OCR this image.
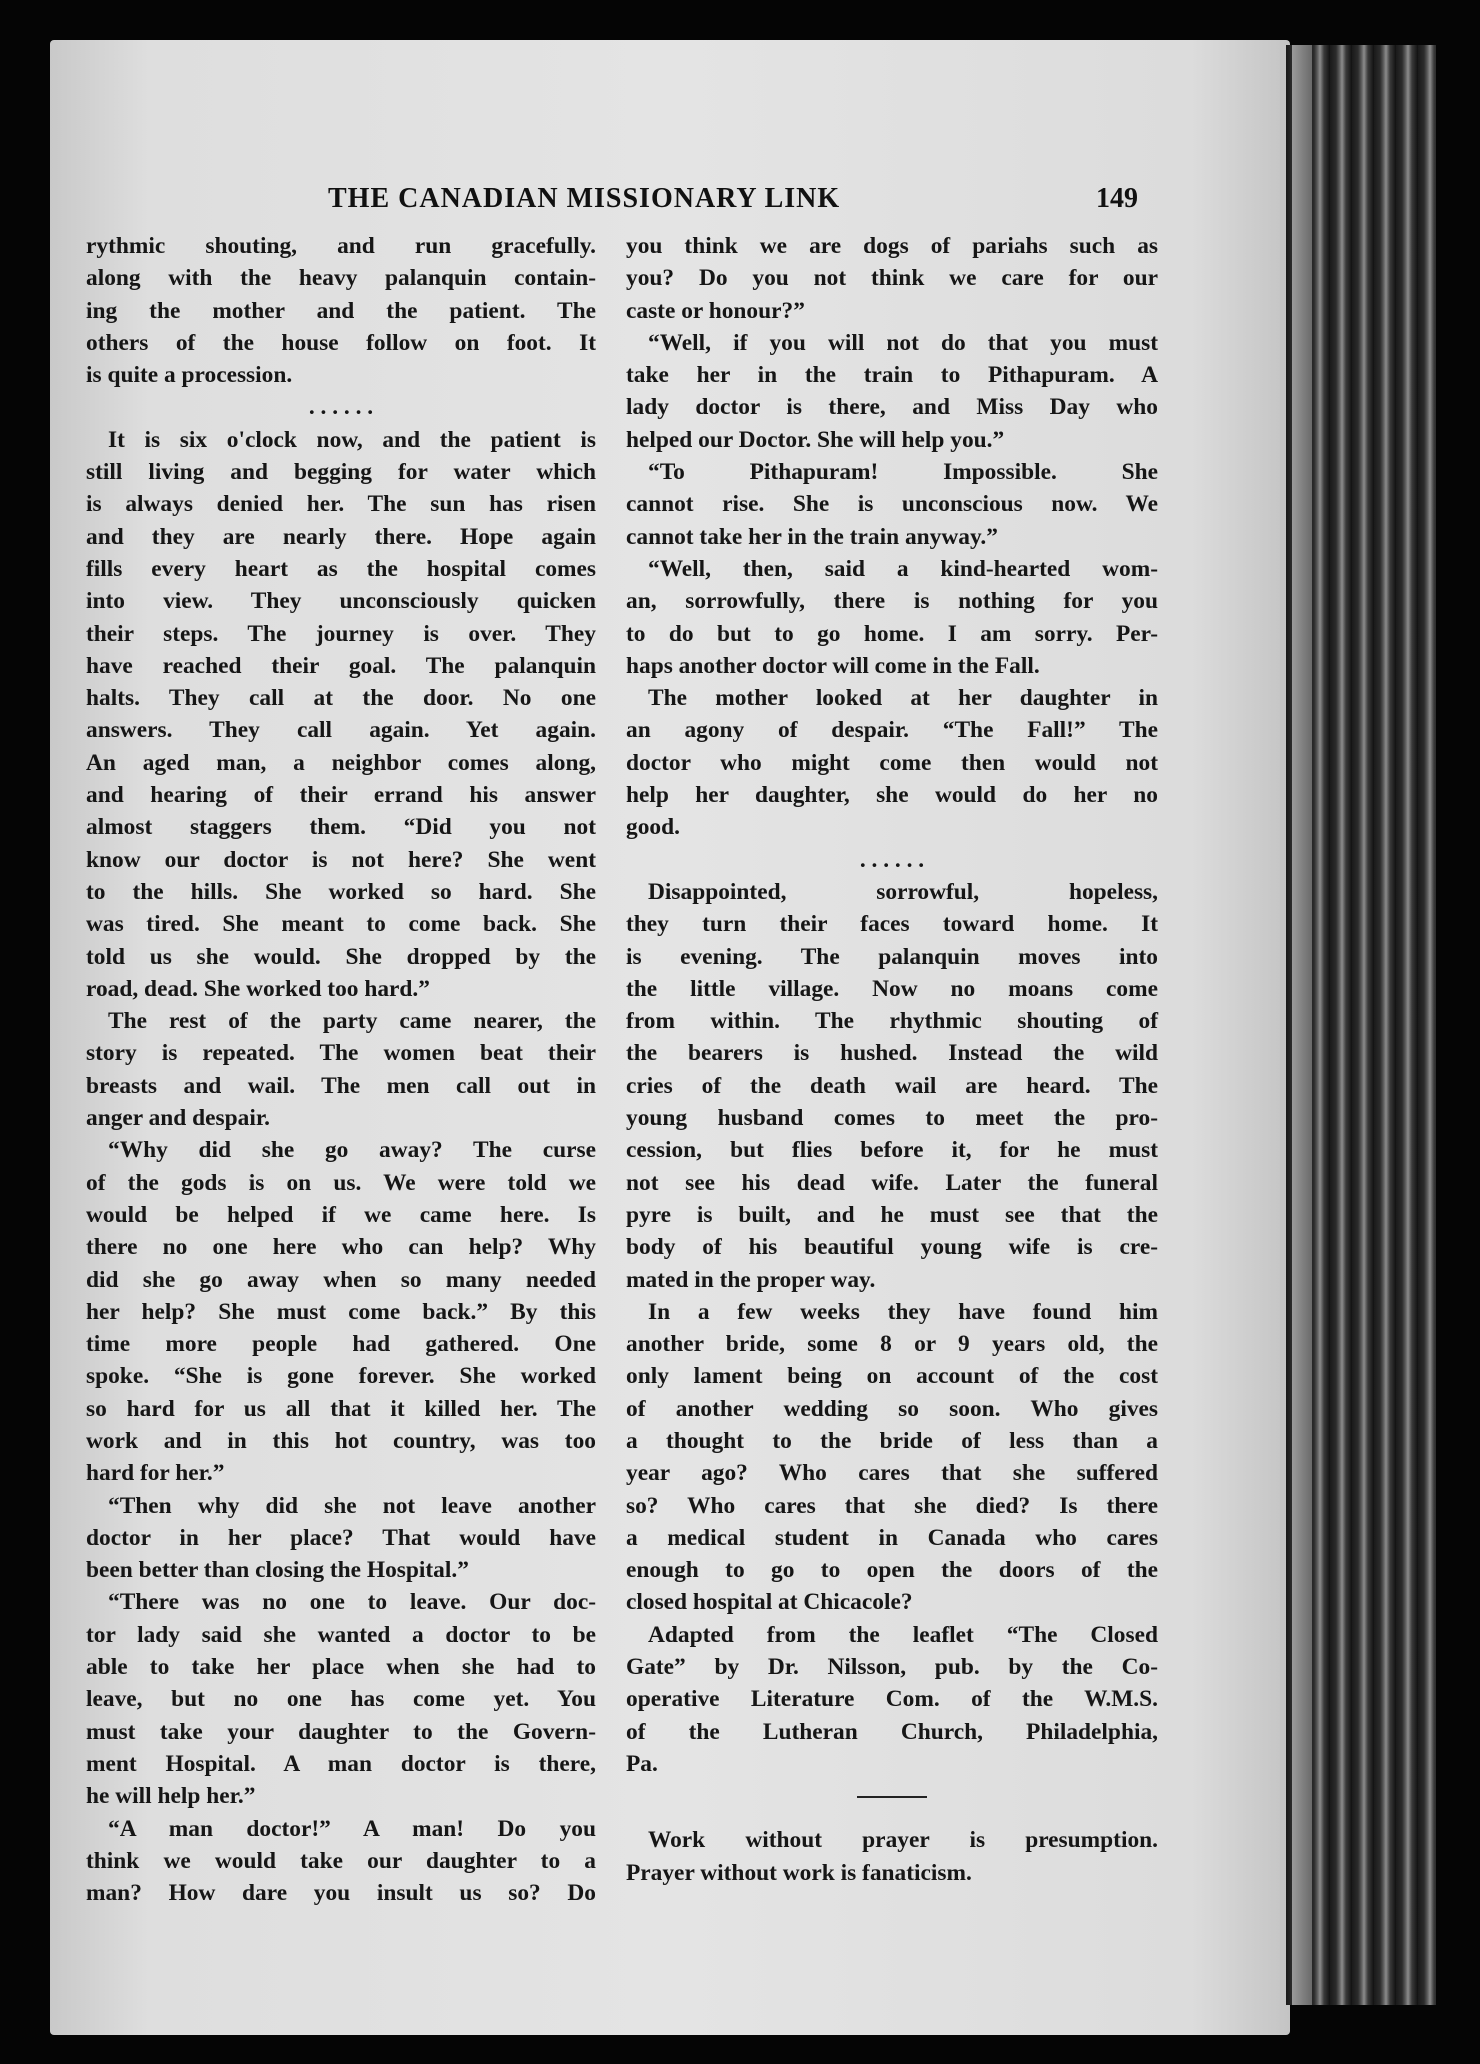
THE CANADIAN MISSIONARY LINK	149
rythmic shouting, and run gracefully.
along with the heavy palanquin contain-
ing the mother and the patient. The
others of the house follow on foot. It
is quite a procession.
. . . . . .
It is six o'clock now, and the patient is
still living and begging for water which
is always denied her. The sun has risen
and they are nearly there. Hope again
fills every heart as the hospital comes
into view. They unconsciously quicken
their steps. The journey is over. They
have reached their goal. The palanquin
halts. They call at the door. No one
answers. They call again. Yet again.
An aged man, a neighbor comes along,
and hearing of their errand his answer
almost staggers them. “Did you not
know our doctor is not here? She went
to the hills. She worked so hard. She
was tired. She meant to come back. She
told us she would. She dropped by the
road, dead. She worked too hard.”
The rest of the party came nearer, the
story is repeated. The women beat their
breasts and wail. The men call out in
anger and despair.
“Why did she go away? The curse
of the gods is on us. We were told we
would be helped if we came here. Is
there no one here who can help? Why
did she go away when so many needed
her help? She must come back.” By this
time more people had gathered. One
spoke. “She is gone forever. She worked
so hard for us all that it killed her. The
work and in this hot country, was too
hard for her.”
“Then why did she not leave another
doctor in her place? That would have
been better than closing the Hospital.”
“There was no one to leave. Our doc-
tor lady said she wanted a doctor to be
able to take her place when she had to
leave, but no one has come yet. You
must take your daughter to the Govern-
ment Hospital. A man doctor is there,
he will help her.”
“A man doctor!” A man! Do you
think we would take our daughter to a
man? How dare you insult us so? Do
you think we are dogs of pariahs such as
you? Do you not think we care for our
caste or honour?”
“Well, if you will not do that you must
take her in the train to Pithapuram. A
lady doctor is there, and Miss Day who
helped our Doctor. She will help you.”
“To Pithapuram! Impossible. She
cannot rise. She is unconscious now. We
cannot take her in the train anyway.”
“Well, then, said a kind-hearted wom-
an, sorrowfully, there is nothing for you
to do but to go home. I am sorry. Per-
haps another doctor will come in the Fall.
The mother looked at her daughter in
an agony of despair. “The Fall!” The
doctor who might come then would not
help her daughter, she would do her no
good.
. . . . . .
Disappointed, sorrowful, hopeless,
they turn their faces toward home. It
is evening. The palanquin moves into
the little village. Now no moans come
from within. The rhythmic shouting of
the bearers is hushed. Instead the wild
cries of the death wail are heard. The
young husband comes to meet the pro-
cession, but flies before it, for he must
not see his dead wife. Later the funeral
pyre is built, and he must see that the
body of his beautiful young wife is cre-
mated in the proper way.
In a few weeks they have found him
another bride, some 8 or 9 years old, the
only lament being on account of the cost
of another wedding so soon. Who gives
a thought to the bride of less than a
year ago? Who cares that she suffered
so? Who cares that she died? Is there
a medical student in Canada who cares
enough to go to open the doors of the
closed hospital at Chicacole?
Adapted from the leaflet “The Closed
Gate” by Dr. Nilsson, pub. by the Co-
operative Literature Com. of the W.M.S.
of the Lutheran Church, Philadelphia,
Pa.
Work without prayer is presumption.
Prayer without work is fanaticism.
